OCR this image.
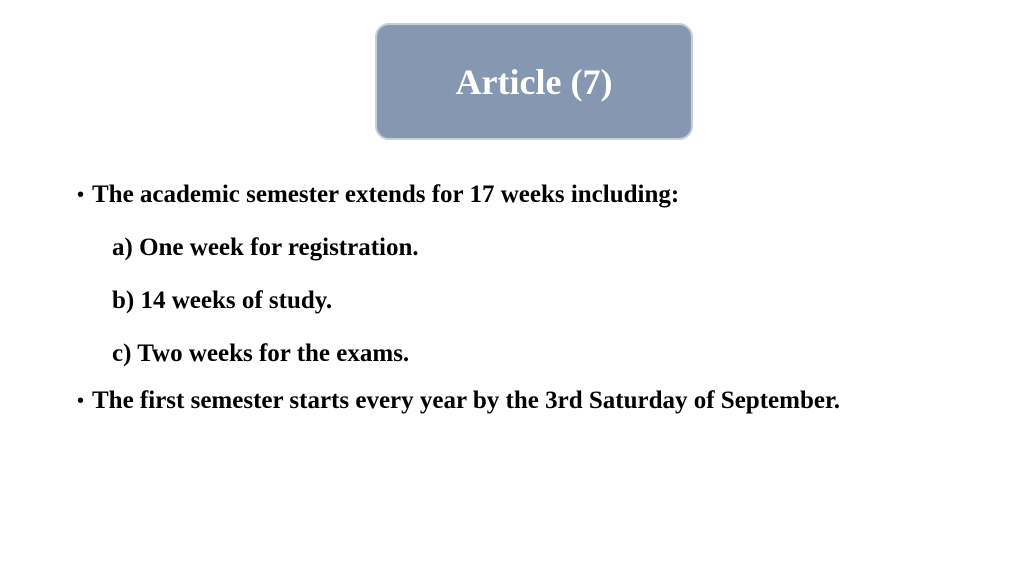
Article (7)
• The academic semester extends for 17 weeks including:
a) One week for registration.
b) 14 weeks of study.
c) Two weeks for the exams.
• The first semester starts every year by the 3rd Saturday of September.
